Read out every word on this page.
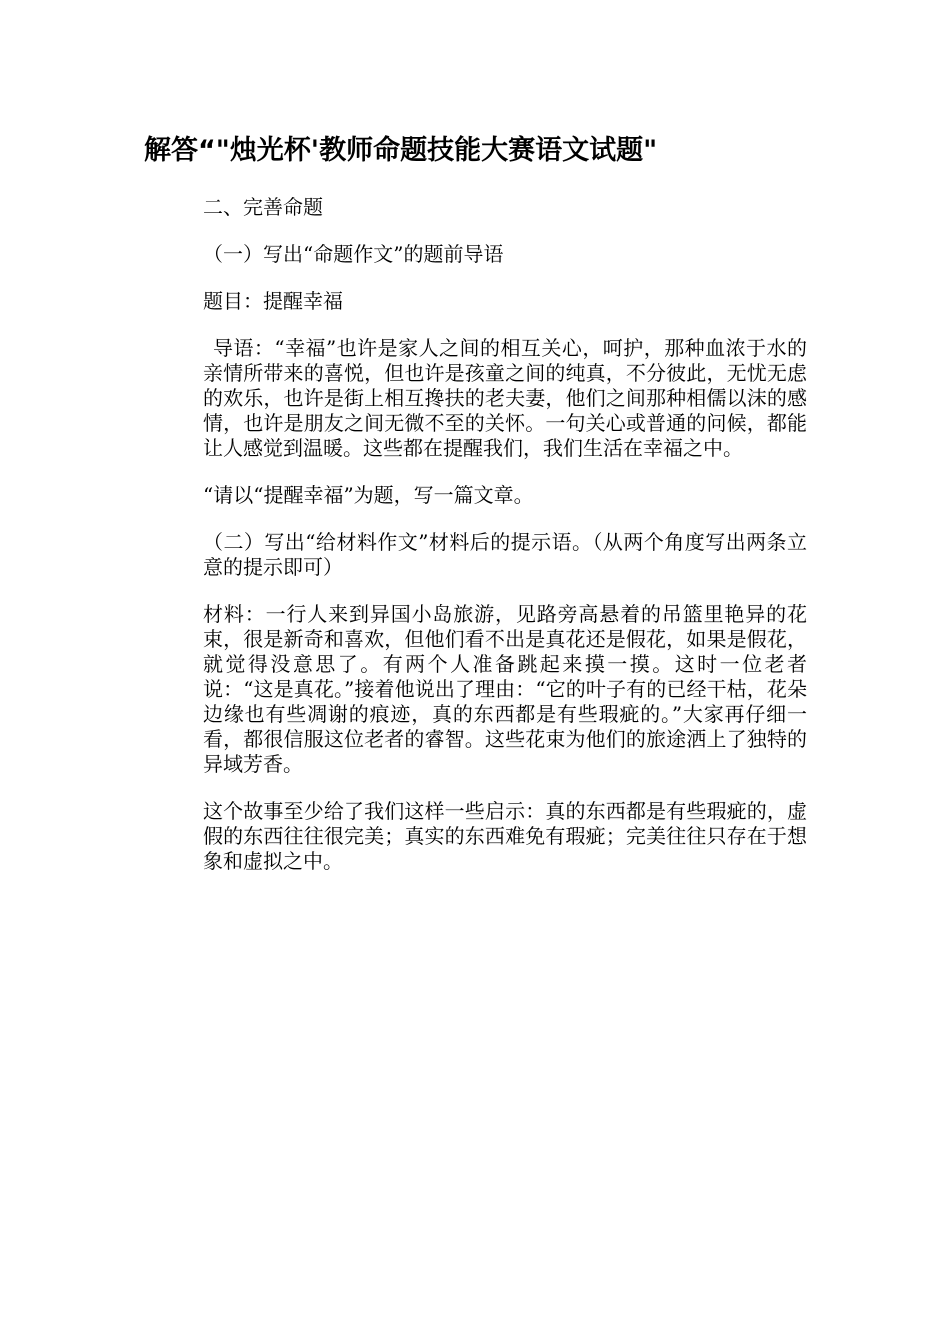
解答“"烛光杯'教师命题技能大赛语文试题"

二、完善命题

（一）写出“命题作文”的题前导语

题目：提醒幸福

导语：“幸福”也许是家人之间的相互关心，呵护，那种血浓于水的亲情所带来的喜悦，但也许是孩童之间的纯真，不分彼此，无忧无虑的欢乐，也许是街上相互搀扶的老夫妻，他们之间那种相儒以沫的感情，也许是朋友之间无微不至的关怀。一句关心或普通的问候，都能让人感觉到温暖。这些都在提醒我们，我们生活在幸福之中。

“请以“提醒幸福”为题，写一篇文章。

（二）写出“给材料作文”材料后的提示语。（从两个角度写出两条立意的提示即可）

材料：一行人来到异国小岛旅游，见路旁高悬着的吊篮里艳异的花束，很是新奇和喜欢，但他们看不出是真花还是假花，如果是假花，就觉得没意思了。有两个人准备跳起来摸一摸。这时一位老者说：“这是真花。”接着他说出了理由：“它的叶子有的已经干枯，花朵边缘也有些凋谢的痕迹，真的东西都是有些瑕疵的。”大家再仔细一看，都很信服这位老者的睿智。这些花束为他们的旅途洒上了独特的异域芳香。

这个故事至少给了我们这样一些启示：真的东西都是有些瑕疵的，虚假的东西往往很完美；真实的东西难免有瑕疵；完美往往只存在于想象和虚拟之中。
